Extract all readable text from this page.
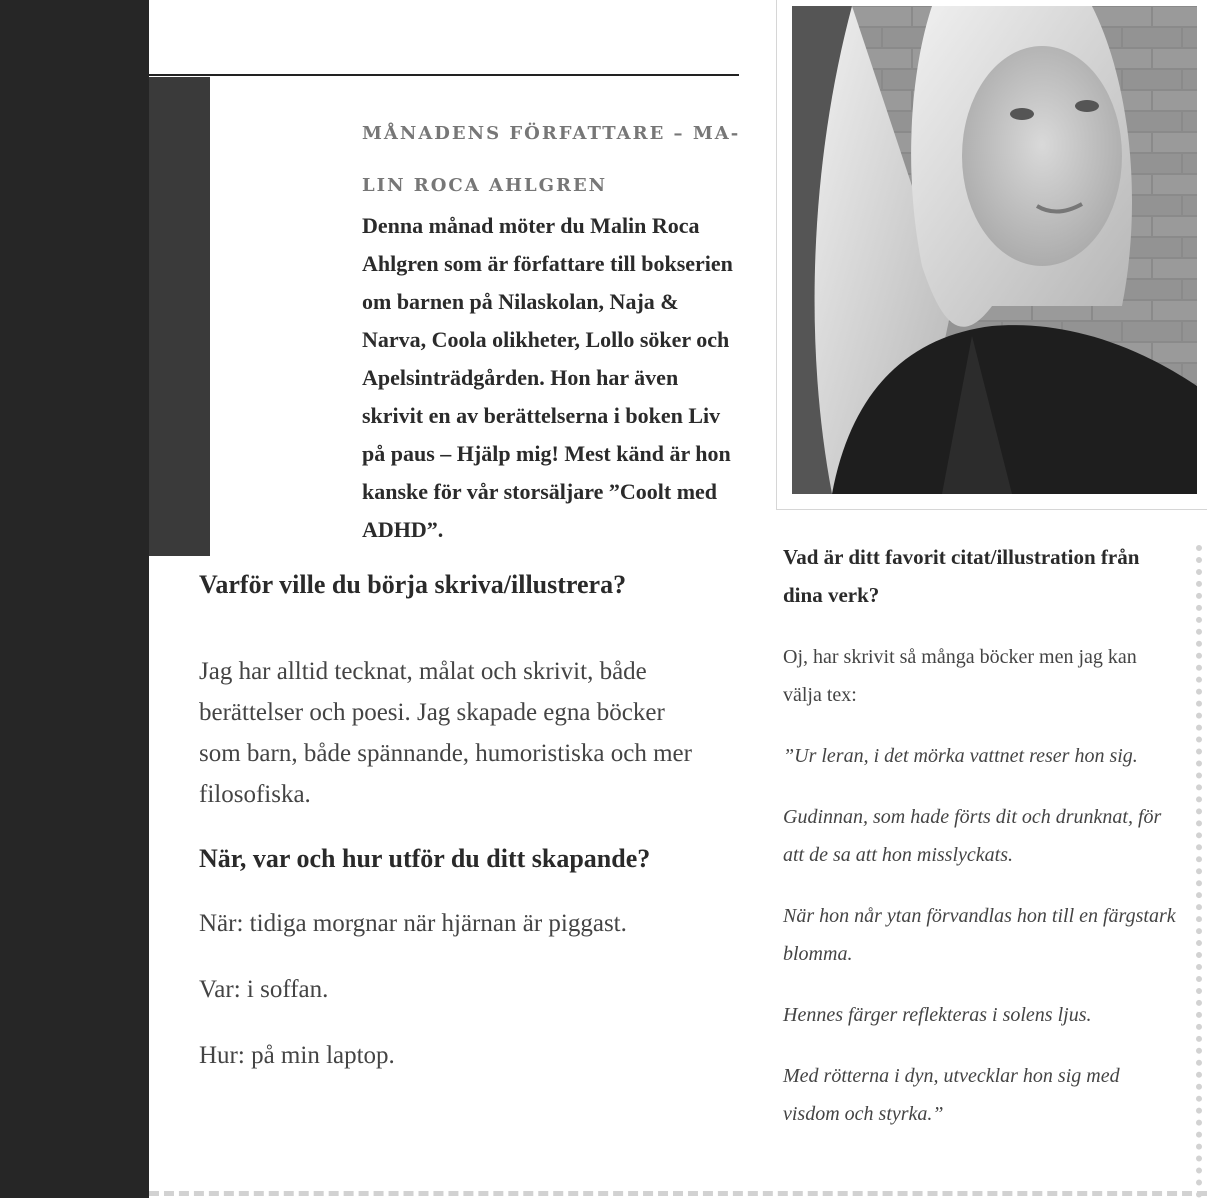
MÅNADENS FÖRFATTARE – MA-
LIN ROCA AHLGREN

Denna månad möter du Malin Roca Ahlgren som är författare till bokserien om barnen på Nilaskolan, Naja & Narva, Coola olikheter, Lollo söker och Apelsinträdgården. Hon har även skrivit en av berättelserna i boken Liv på paus – Hjälp mig! Mest känd är hon kanske för vår storsäljare ”Coolt med ADHD”.

Varför ville du börja skriva/illustrera?

Jag har alltid tecknat, målat och skrivit, både berättelser och poesi. Jag skapade egna böcker som barn, både spännande, humoristiska och mer filosofiska.

När, var och hur utför du ditt skapande?

När: tidiga morgnar när hjärnan är piggast.

Var: i soffan.

Hur: på min laptop.

Vad är ditt favorit citat/illustration från dina verk?

Oj, har skrivit så många böcker men jag kan välja tex:

”Ur leran, i det mörka vattnet reser hon sig.

Gudinnan, som hade förts dit och drunknat, för att de sa att hon misslyckats.

När hon når ytan förvandlas hon till en färgstark blomma.

Hennes färger reflekteras i solens ljus.

Med rötterna i dyn, utvecklar hon sig med visdom och styrka.”
